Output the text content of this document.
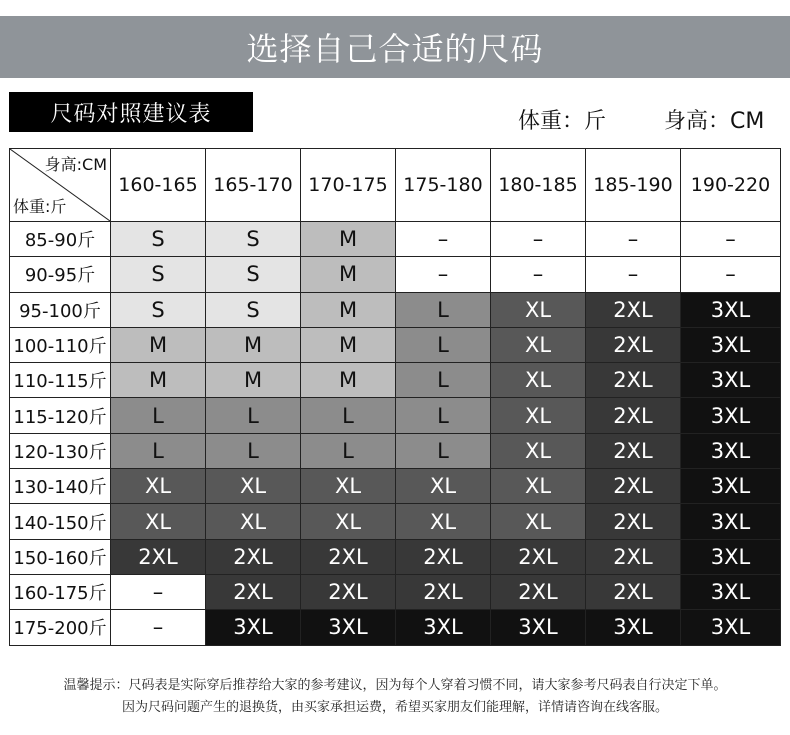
选择自己合适的尺码
尺码对照建议表	体重：斤	身高：CM
身高:CM
体重:斤	160-165	165-170	170-175	175-180	180-185	185-190	190-220
85-90斤	S	S	M	–	–	–	–
90-95斤	S	S	M	–	–	–	–
95-100斤	S	S	M	L	XL	2XL	3XL
100-110斤	M	M	M	L	XL	2XL	3XL
110-115斤	M	M	M	L	XL	2XL	3XL
115-120斤	L	L	L	L	XL	2XL	3XL
120-130斤	L	L	L	L	XL	2XL	3XL
130-140斤	XL	XL	XL	XL	XL	2XL	3XL
140-150斤	XL	XL	XL	XL	XL	2XL	3XL
150-160斤	2XL	2XL	2XL	2XL	2XL	2XL	3XL
160-175斤	–	2XL	2XL	2XL	2XL	2XL	3XL
175-200斤	–	3XL	3XL	3XL	3XL	3XL	3XL
温馨提示：尺码表是实际穿后推荐给大家的参考建议，因为每个人穿着习惯不同，请大家参考尺码表自行决定下单。
因为尺码问题产生的退换货，由买家承担运费，希望买家朋友们能理解，详情请咨询在线客服。
